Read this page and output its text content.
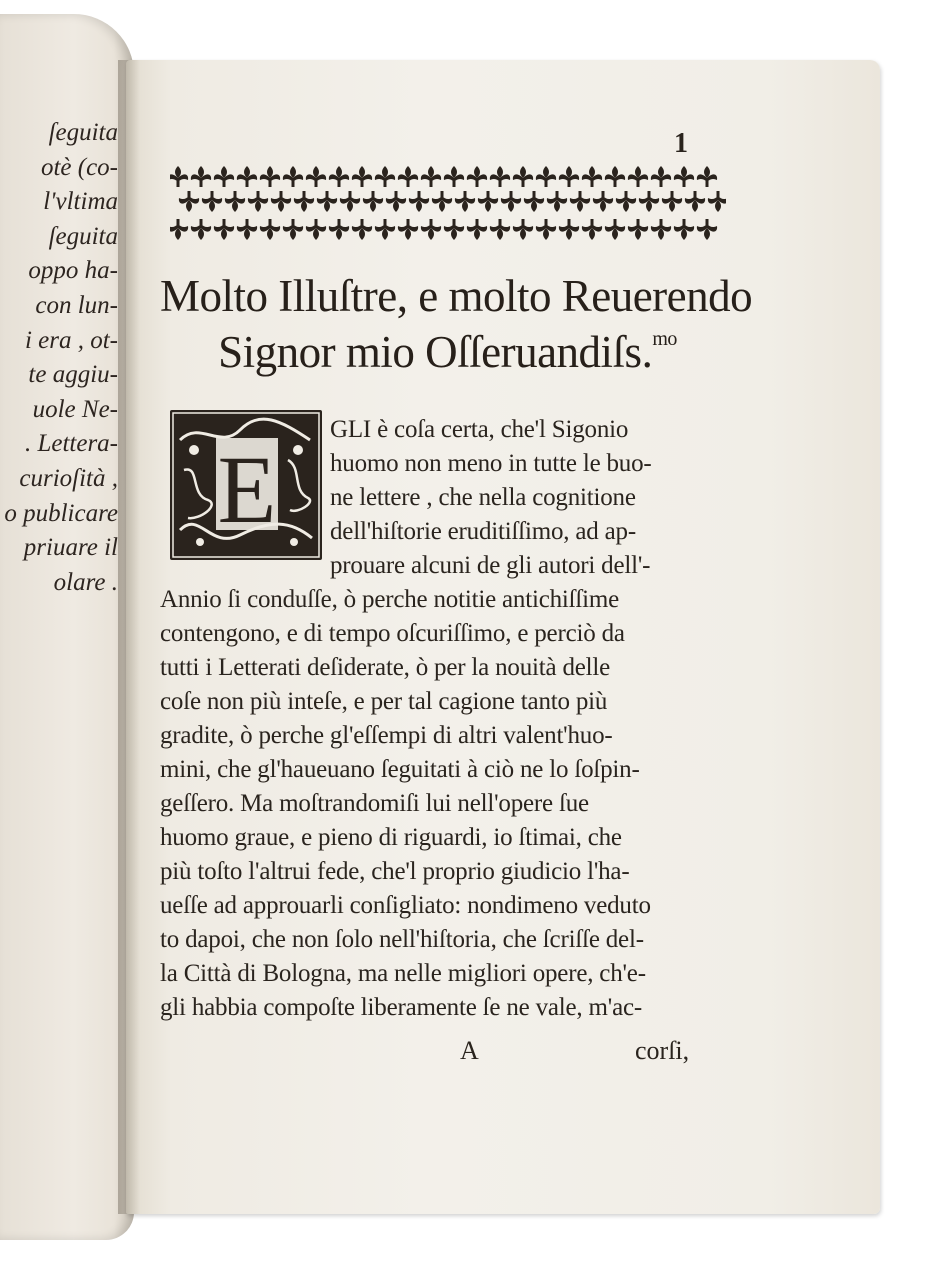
ſeguita
otè (co-
l'vltima
ſeguita
oppo ha-
con lun-
i era , ot-
te aggiu-
uole Ne-
. Lettera-
curioſità ,
o publicare
priuare il
olare .
1
Molto Illuſtre, e molto Reuerendo
Signor mio Oſſeruandiſs.$^{mo}$
E
GLI è coſa certa, che'l Sigonio
huomo non meno in tutte le buo-
ne lettere , che nella cognitione
dell'hiſtorie eruditiſſimo, ad ap-
prouare alcuni de gli autori dell'-
Annio ſi conduſſe, ò perche notitie antichiſſime
contengono, e di tempo oſcuriſſimo, e perciò da
tutti i Letterati deſiderate, ò per la nouità delle
coſe non più inteſe, e per tal cagione tanto più
gradite, ò perche gl'eſſempi di altri valent'huo-
mini, che gl'haueuano ſeguitati à ciò ne lo ſoſpin-
geſſero. Ma moſtrandomiſi lui nell'opere ſue
huomo graue, e pieno di riguardi, io ſtimai, che
più toſto l'altrui fede, che'l proprio giudicio l'ha-
ueſſe ad approuarli conſigliato: nondimeno veduto
to dapoi, che non ſolo nell'hiſtoria, che ſcriſſe del-
la Città di Bologna, ma nelle migliori opere, ch'e-
gli habbia compoſte liberamente ſe ne vale, m'ac-
A	corſi,
